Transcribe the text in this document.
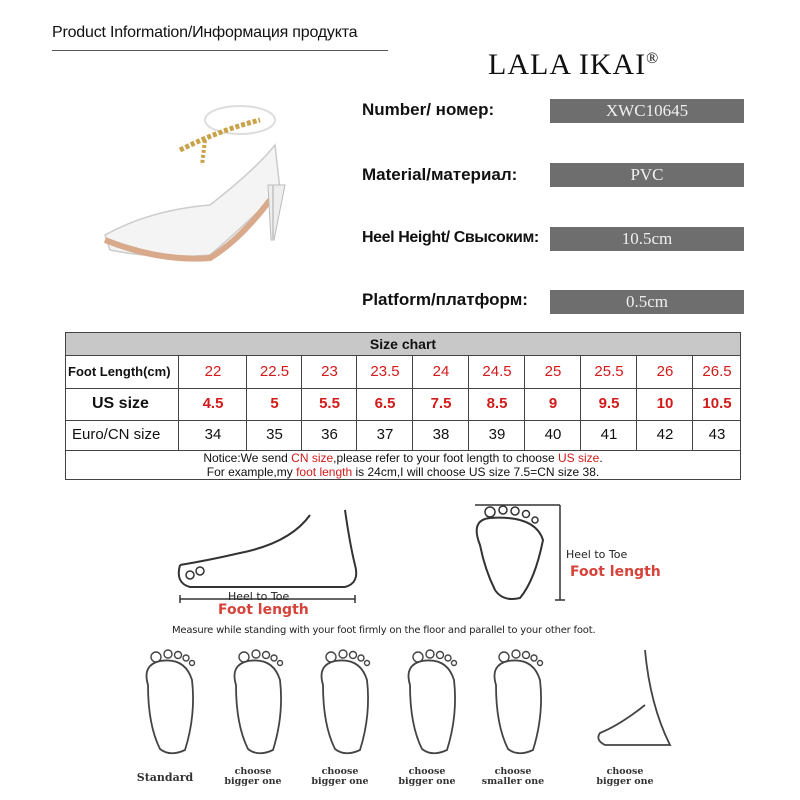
Product Information/Информация продукта
LALA IKAI®
Number/ номер:	XWC10645
Material/материал:	PVC
Heel Height/ Свысоким:	10.5cm
Platform/платформ:	0.5cm
Size chart
Foot Length(cm)	22	22.5	23	23.5	24	24.5	25	25.5	26	26.5
US size	4.5	5	5.5	6.5	7.5	8.5	9	9.5	10	10.5
Euro/CN size	34	35	36	37	38	39	40	41	42	43
Notice:We send CN size,please refer to your foot length to choose US size.
For example,my foot length is 24cm,I will choose US size 7.5=CN size 38.
Heel to Toe
Foot length
Heel to Toe
Foot length
Measure while standing with your foot firmly on the floor and parallel to your other foot.
Standard	choose
bigger one
choose
bigger one
choose
bigger one
choose
smaller one
choose
bigger one
